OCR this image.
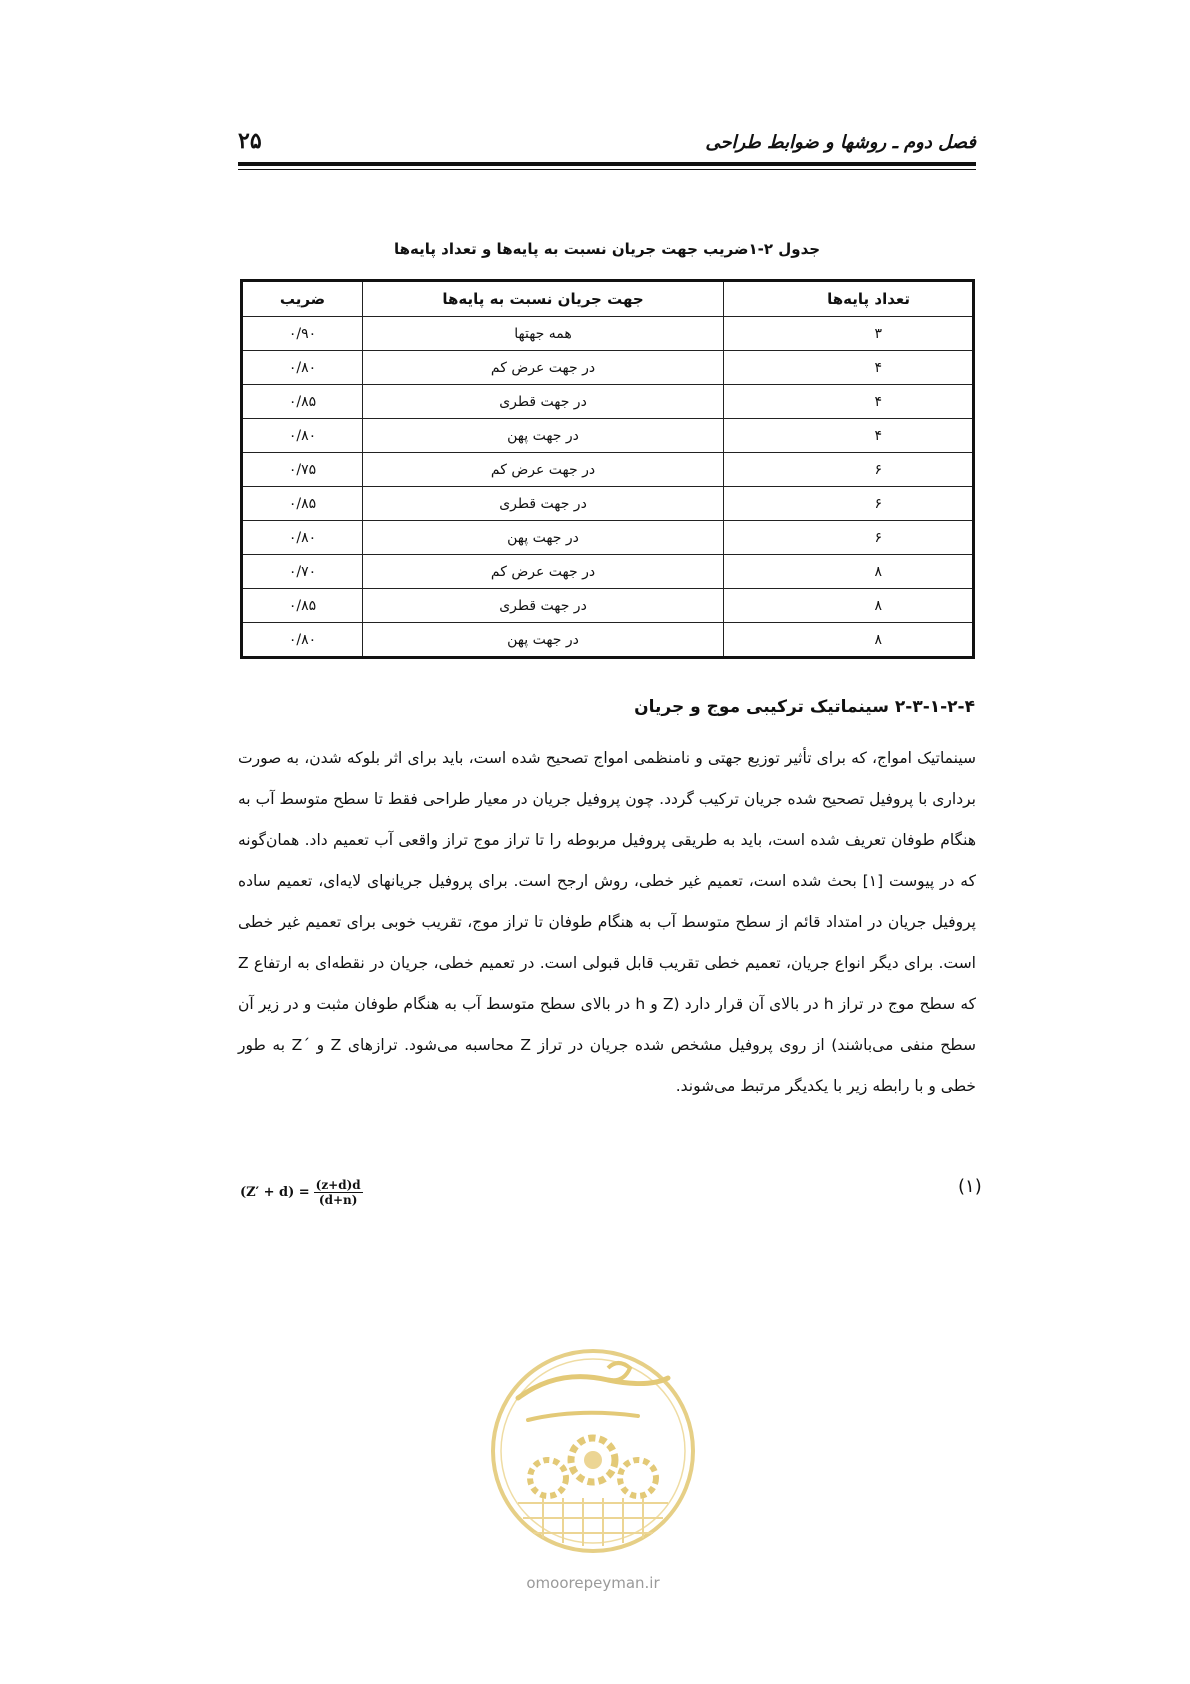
فصل دوم ـ روشها و ضوابط طراحی
۲۵
جدول ۲-۱ضریب جهت جریان نسبت به پایه‌ها و تعداد پایه‌ها
تعداد پایه‌ها	جهت جریان نسبت به پایه‌ها	ضریب
۳	همه جهتها	۰/۹۰
۴	در جهت عرض کم	۰/۸۰
۴	در جهت قطری	۰/۸۵
۴	در جهت پهن	۰/۸۰
۶	در جهت عرض کم	۰/۷۵
۶	در جهت قطری	۰/۸۵
۶	در جهت پهن	۰/۸۰
۸	در جهت عرض کم	۰/۷۰
۸	در جهت قطری	۰/۸۵
۸	در جهت پهن	۰/۸۰
۲-۳-۱-۲-۴ سینماتیک ترکیبی موج و جریان

سینماتیک امواج، که برای تأثیر توزیع جهتی و نامنظمی امواج تصحیح شده است، باید برای اثر بلوکه شدن، به صورت برداری با پروفیل تصحیح شده جریان ترکیب گردد. چون پروفیل جریان در معیار طراحی فقط تا سطح متوسط آب به هنگام طوفان تعریف شده است، باید به طریقی پروفیل مربوطه را تا تراز موج تراز واقعی آب تعمیم داد. همان‌گونه که در پیوست [۱] بحث شده است، تعمیم غیر خطی، روش ارجح است. برای پروفیل جریانهای لایه‌ای، تعمیم ساده پروفیل جریان در امتداد قائم از سطح متوسط آب به هنگام طوفان تا تراز موج، تقریب خوبی برای تعمیم غیر خطی است. برای دیگر انواع جریان، تعمیم خطی تقریب قابل قبولی است. در تعمیم خطی، جریان در نقطه‌ای به ارتفاع Z که سطح موج در تراز h در بالای آن قرار دارد (Z و h در بالای سطح متوسط آب به هنگام طوفان مثبت و در زیر آن سطح منفی می‌باشند) از روی پروفیل مشخص شده جریان در تراز Z محاسبه می‌شود. ترازهای Z و ´Z به طور خطی و با رابطه زیر با یکدیگر مرتبط می‌شوند.

$(Z' + d) = \frac{(z+d)d}{(d+n)}$	(۱)
omoorepeyman.ir
